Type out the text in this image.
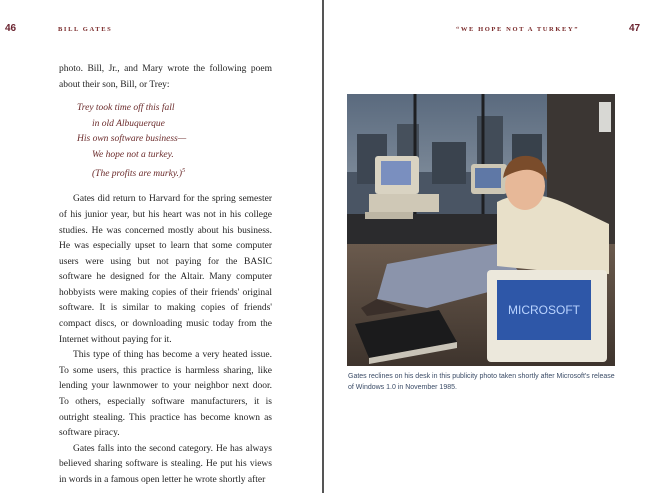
46	BILL GATES

photo. Bill, Jr., and Mary wrote the following poem about their son, Bill, or Trey:

Trey took time off this fall
in old Albuquerque
His own software business—
We hope not a turkey.
(The profits are murky.)$^5$

Gates did return to Harvard for the spring semester of his junior year, but his heart was not in his college studies. He was concerned mostly about his business. He was especially upset to learn that some computer users were using but not paying for the BASIC software he designed for the Altair. Many computer hobbyists were making copies of their friends' original software. It is similar to making copies of friends' compact discs, or downloading music today from the Internet without paying for it.

This type of thing has become a very heated issue. To some users, this practice is harmless sharing, like lending your lawnmower to your neighbor next door. To others, especially software manufacturers, it is outright stealing. This practice has become known as software piracy.

Gates falls into the second category. He has always believed sharing software is stealing. He put his views in words in a famous open letter he wrote shortly after

“WE HOPE NOT A TURKEY”	47
MICROSOFT
Gates reclines on his desk in this publicity photo taken shortly after Microsoft's release of Windows 1.0 in November 1985.
